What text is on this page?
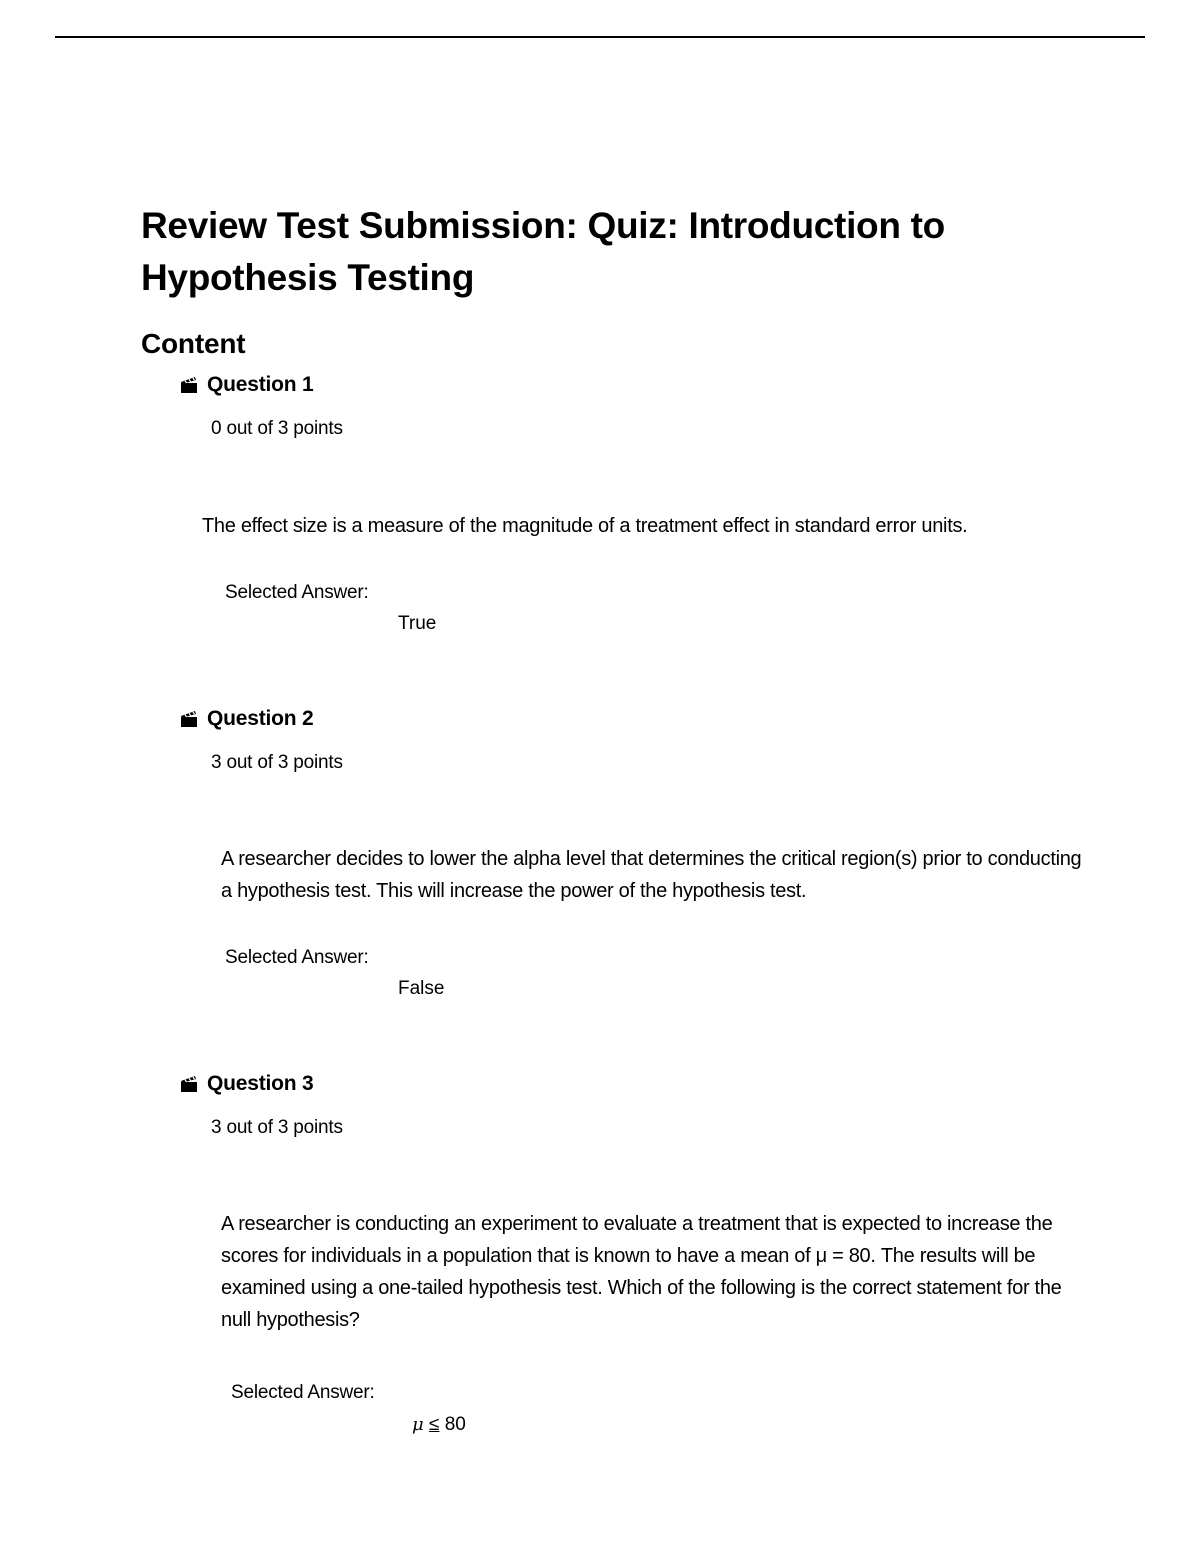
Review Test Submission: Quiz: Introduction to Hypothesis Testing
Content
Question 1
0 out of 3 points
The effect size is a measure of the magnitude of a treatment effect in standard error units.
Selected Answer:
True
Question 2
3 out of 3 points
A researcher decides to lower the alpha level that determines the critical region(s) prior to conducting a hypothesis test. This will increase the power of the hypothesis test.
Selected Answer:
False
Question 3
3 out of 3 points
A researcher is conducting an experiment to evaluate a treatment that is expected to increase the scores for individuals in a population that is known to have a mean of μ = 80. The results will be examined using a one-tailed hypothesis test. Which of the following is the correct statement for the null hypothesis?
Selected Answer:
μ ≤ 80
